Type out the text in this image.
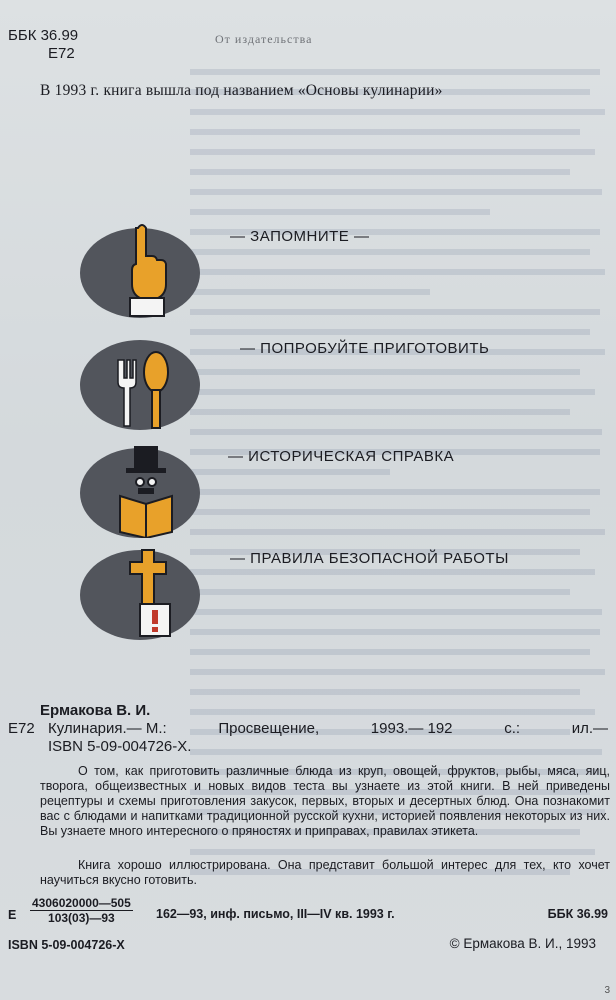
От издательства
ББК 36.99
Е72
В 1993 г. книга вышла под названием «Основы кулинарии»
— ЗАПОМНИТЕ —
— ПОПРОБУЙТЕ ПРИГОТОВИТЬ
— ИСТОРИЧЕСКАЯ СПРАВКА
— ПРАВИЛА БЕЗОПАСНОЙ РАБОТЫ
Ермакова В. И.
Е72 Кулинария.— М.:	Просвещение,	1993.— 192	с.:	ил.—
ISBN 5-09-004726-Х.
О том, как приготовить различные блюда из круп, овощей, фруктов, рыбы, мяса, яиц, творога, общеизвестных и новых видов теста вы узнаете из этой книги. В ней приведены рецептуры и схемы приготовления закусок, первых, вторых и десертных блюд. Она познакомит вас с блюдами и напитками традиционной русской кухни, историей появления некоторых из них. Вы узнаете много интересного о пряностях и приправах, правилах этикета.
Книга хорошо иллюстрирована. Она представит большой интерес для тех, кто хочет научиться вкусно готовить.
Е $\frac{4306020000—505}{103(03)—93}$ 162—93, инф. письмо, III—IV кв. 1993 г.	ББК 36.99
ISBN 5-09-004726-Х	© Ермакова В. И., 1993
3
